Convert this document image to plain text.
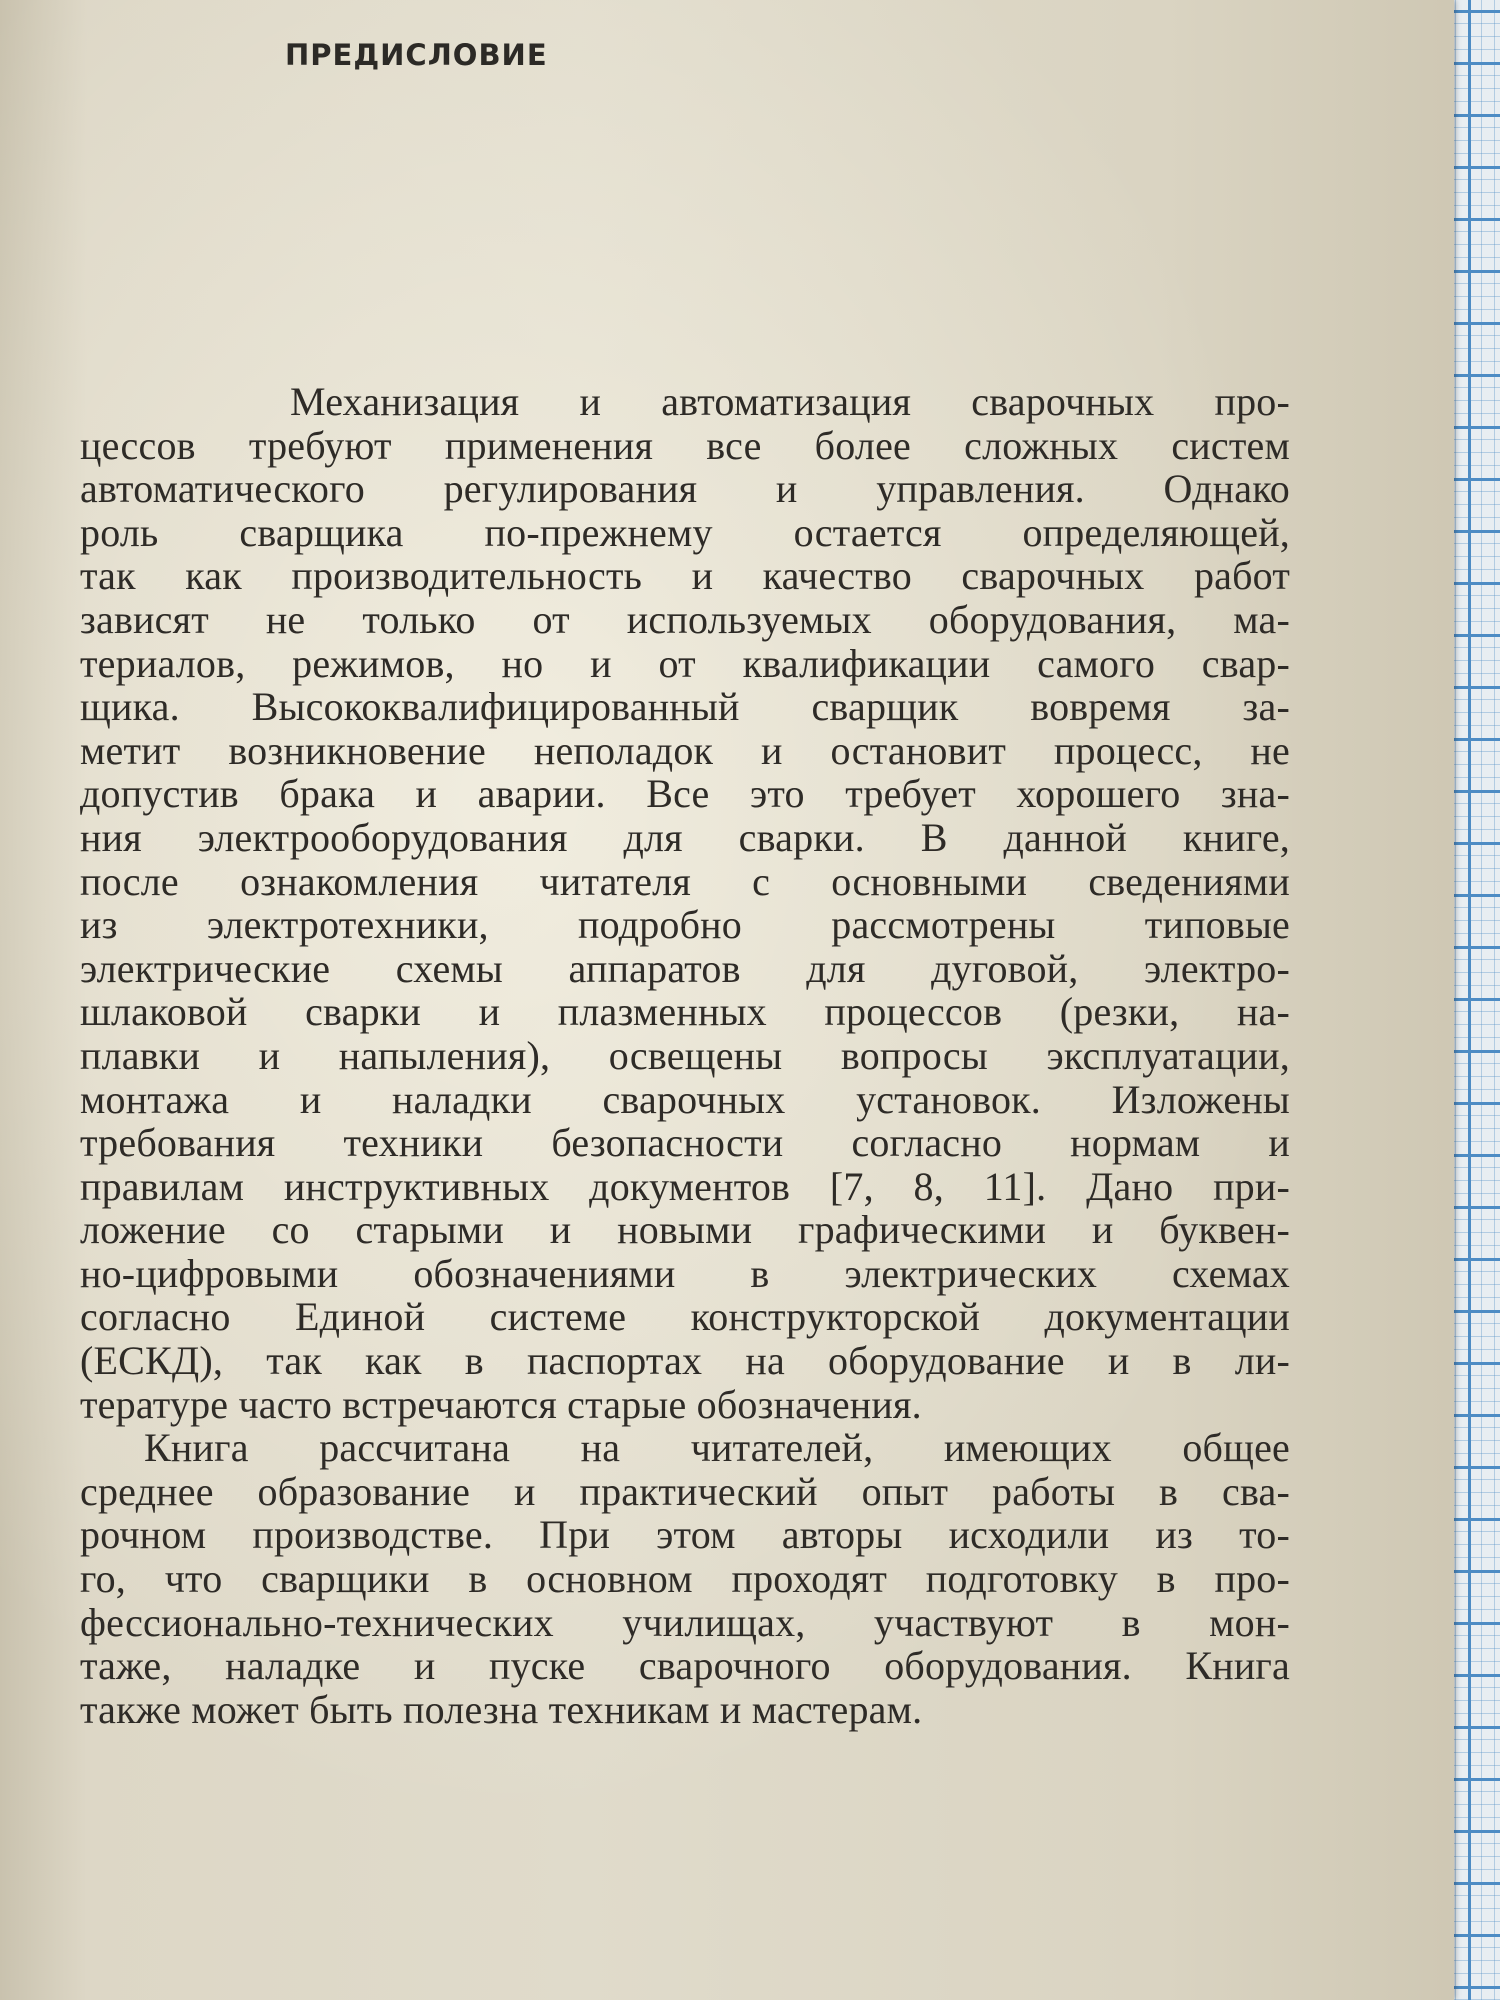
ПРЕДИСЛОВИЕ
Механизация и автоматизация сварочных про-
цессов требуют применения все более сложных систем
автоматического регулирования и управления. Однако
роль сварщика по-прежнему остается определяющей,
так как производительность и качество сварочных работ
зависят не только от используемых оборудования, ма-
териалов, режимов, но и от квалификации самого свар-
щика. Высококвалифицированный сварщик вовремя за-
метит возникновение неполадок и остановит процесс, не
допустив брака и аварии. Все это требует хорошего зна-
ния электрооборудования для сварки. В данной книге,
после ознакомления читателя с основными сведениями
из электротехники, подробно рассмотрены типовые
электрические схемы аппаратов для дуговой, электро-
шлаковой сварки и плазменных процессов (резки, на-
плавки и напыления), освещены вопросы эксплуатации,
монтажа и наладки сварочных установок. Изложены
требования техники безопасности согласно нормам и
правилам инструктивных документов [7, 8, 11]. Дано при-
ложение со старыми и новыми графическими и буквен-
но-цифровыми обозначениями в электрических схемах
согласно Единой системе конструкторской документации
(ЕСКД), так как в паспортах на оборудование и в ли-
тературе часто встречаются старые обозначения.
Книга рассчитана на читателей, имеющих общее
среднее образование и практический опыт работы в сва-
рочном производстве. При этом авторы исходили из то-
го, что сварщики в основном проходят подготовку в про-
фессионально-технических училищах, участвуют в мон-
таже, наладке и пуске сварочного оборудования. Книга
также может быть полезна техникам и мастерам.
